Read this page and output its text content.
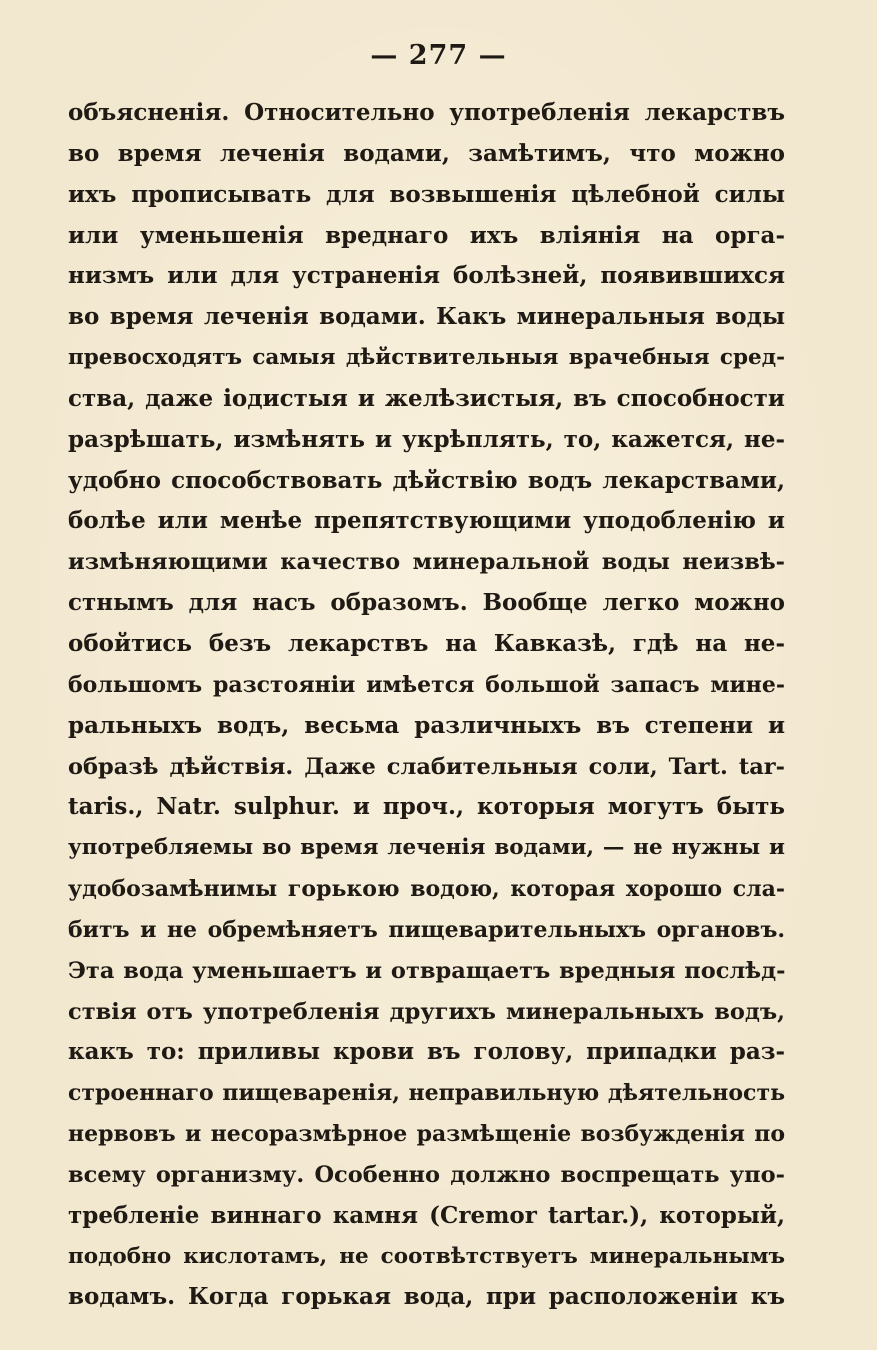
— 277 —
объясненія. Относительно употребленія лекарствъ
во время леченія водами, замѣтимъ, что можно
ихъ прописывать для возвышенія цѣлебной силы
или уменьшенія вреднаго ихъ вліянія на орга-
низмъ или для устраненія болѣзней, появившихся
во время леченія водами. Какъ минеральныя воды
превосходятъ самыя дѣйствительныя врачебныя сред-
ства, даже іодистыя и желѣзистыя, въ способности
разрѣшать, измѣнять и укрѣплять, то, кажется, не-
удобно способствовать дѣйствію водъ лекарствами,
болѣе или менѣе препятствующими уподобленію и
измѣняющими качество минеральной воды неизвѣ-
стнымъ для насъ образомъ. Вообще легко можно
обойтись безъ лекарствъ на Кавказѣ, гдѣ на не-
большомъ разстояніи имѣется большой запасъ мине-
ральныхъ водъ, весьма различныхъ въ степени и
образѣ дѣйствія. Даже слабительныя соли, Tart. tar-
taris., Natr. sulphur. и проч., которыя могутъ быть
употребляемы во время леченія водами, — не нужны и
удобозамѣнимы горькою водою, которая хорошо сла-
битъ и не обремѣняетъ пищеварительныхъ органовъ.
Эта вода уменьшаетъ и отвращаетъ вредныя послѣд-
ствія отъ употребленія другихъ минеральныхъ водъ,
какъ то: приливы крови въ голову, припадки раз-
строеннаго пищеваренія, неправильную дѣятельность
нервовъ и несоразмѣрное размѣщеніе возбужденія по
всему организму. Особенно должно воспрещать упо-
требленіе виннаго камня (Cremor tartar.), который,
подобно кислотамъ, не соотвѣтствуетъ минеральнымъ
водамъ. Когда горькая вода, при расположеніи къ
